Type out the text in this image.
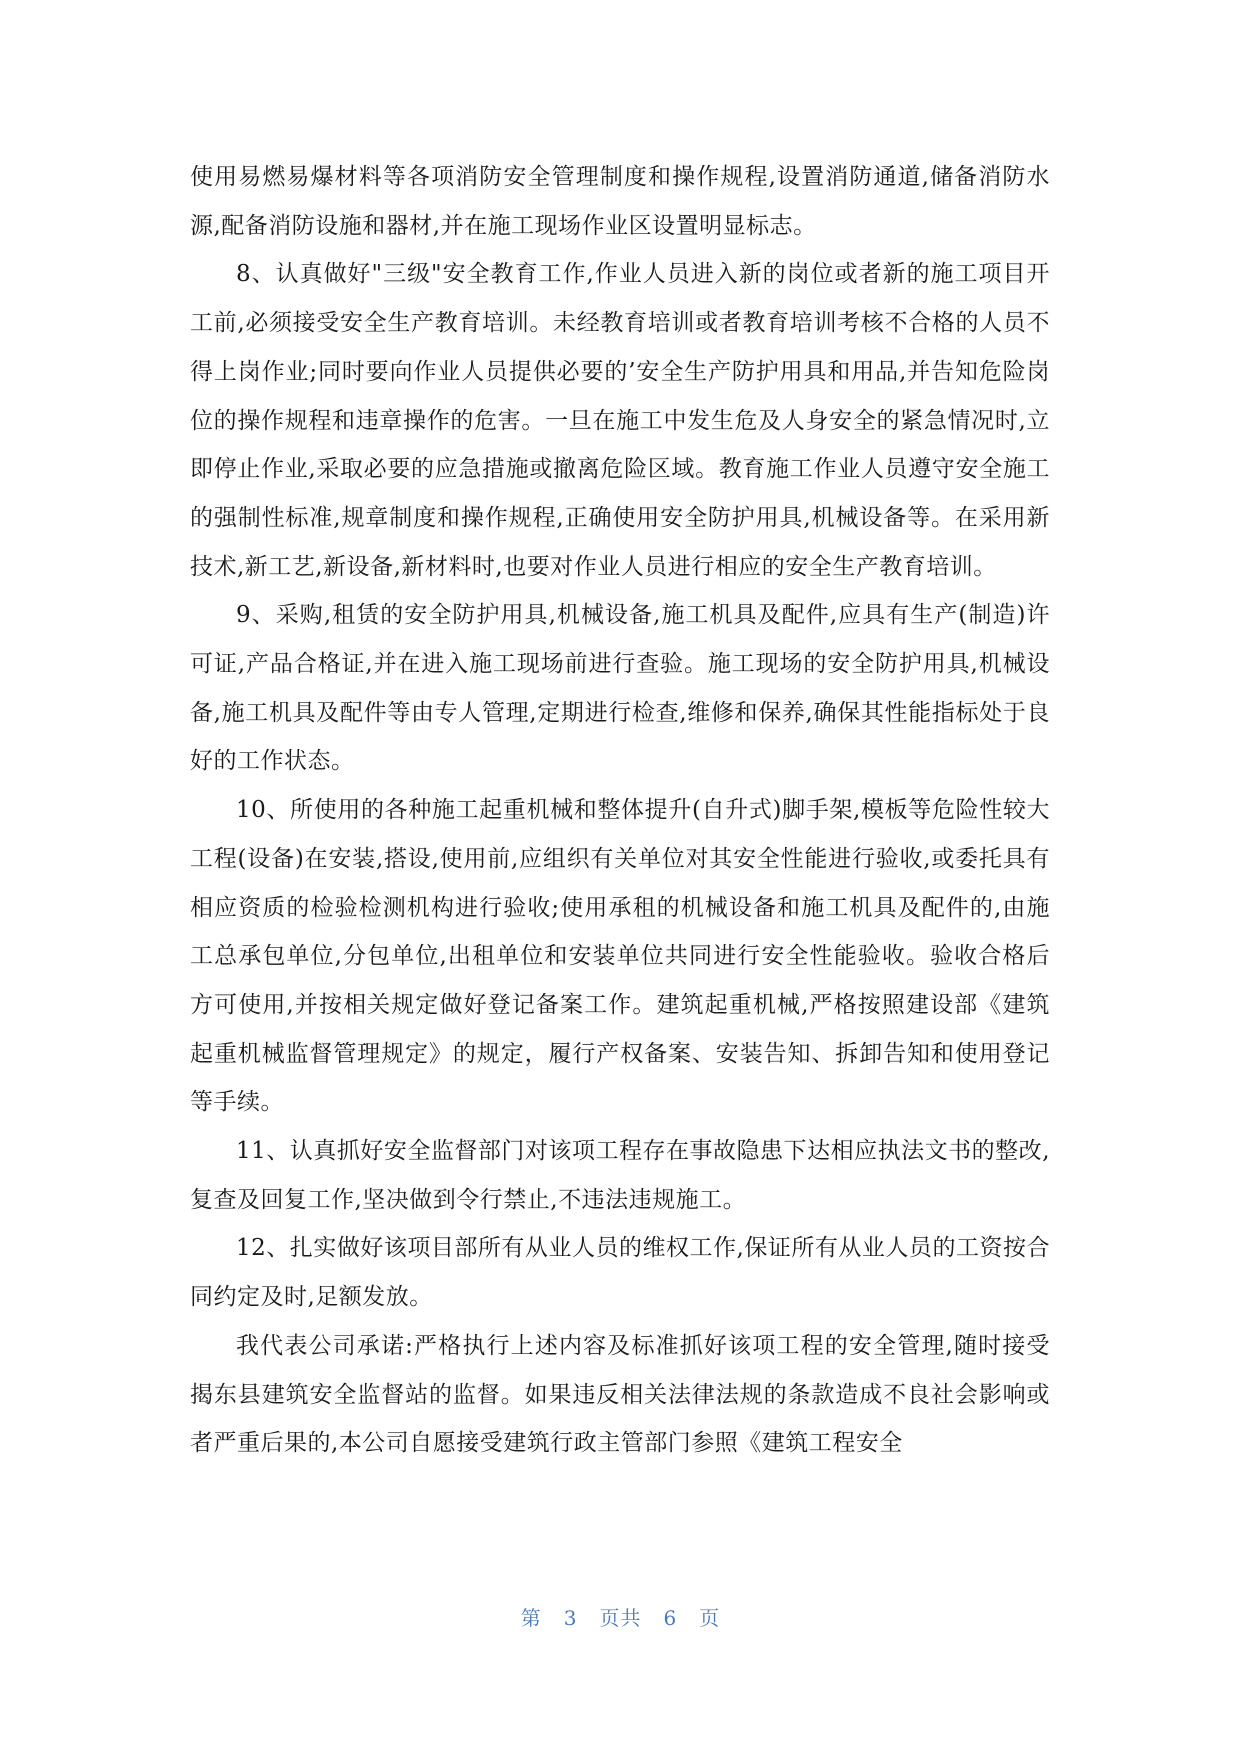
使用易燃易爆材料等各项消防安全管理制度和操作规程,设置消防通道,储备消防水源,配备消防设施和器材,并在施工现场作业区设置明显标志。

8、认真做好"三级"安全教育工作,作业人员进入新的岗位或者新的施工项目开工前,必须接受安全生产教育培训。未经教育培训或者教育培训考核不合格的人员不得上岗作业;同时要向作业人员提供必要的’安全生产防护用具和用品,并告知危险岗位的操作规程和违章操作的危害。一旦在施工中发生危及人身安全的紧急情况时,立即停止作业,采取必要的应急措施或撤离危险区域。教育施工作业人员遵守安全施工的强制性标准,规章制度和操作规程,正确使用安全防护用具,机械设备等。在采用新技术,新工艺,新设备,新材料时,也要对作业人员进行相应的安全生产教育培训。

9、采购,租赁的安全防护用具,机械设备,施工机具及配件,应具有生产(制造)许可证,产品合格证,并在进入施工现场前进行查验。施工现场的安全防护用具,机械设备,施工机具及配件等由专人管理,定期进行检查,维修和保养,确保其性能指标处于良好的工作状态。

10、所使用的各种施工起重机械和整体提升(自升式)脚手架,模板等危险性较大工程(设备)在安装,搭设,使用前,应组织有关单位对其安全性能进行验收,或委托具有相应资质的检验检测机构进行验收;使用承租的机械设备和施工机具及配件的,由施工总承包单位,分包单位,出租单位和安装单位共同进行安全性能验收。验收合格后方可使用,并按相关规定做好登记备案工作。建筑起重机械,严格按照建设部《建筑起重机械监督管理规定》的规定，履行产权备案、安装告知、拆卸告知和使用登记等手续。

11、认真抓好安全监督部门对该项工程存在事故隐患下达相应执法文书的整改,复查及回复工作,坚决做到令行禁止,不违法违规施工。

12、扎实做好该项目部所有从业人员的维权工作,保证所有从业人员的工资按合同约定及时,足额发放。

我代表公司承诺:严格执行上述内容及标准抓好该项工程的安全管理,随时接受揭东县建筑安全监督站的监督。如果违反相关法律法规的条款造成不良社会影响或者严重后果的,本公司自愿接受建筑行政主管部门参照《建筑工程安全

第 3 页共 6 页
